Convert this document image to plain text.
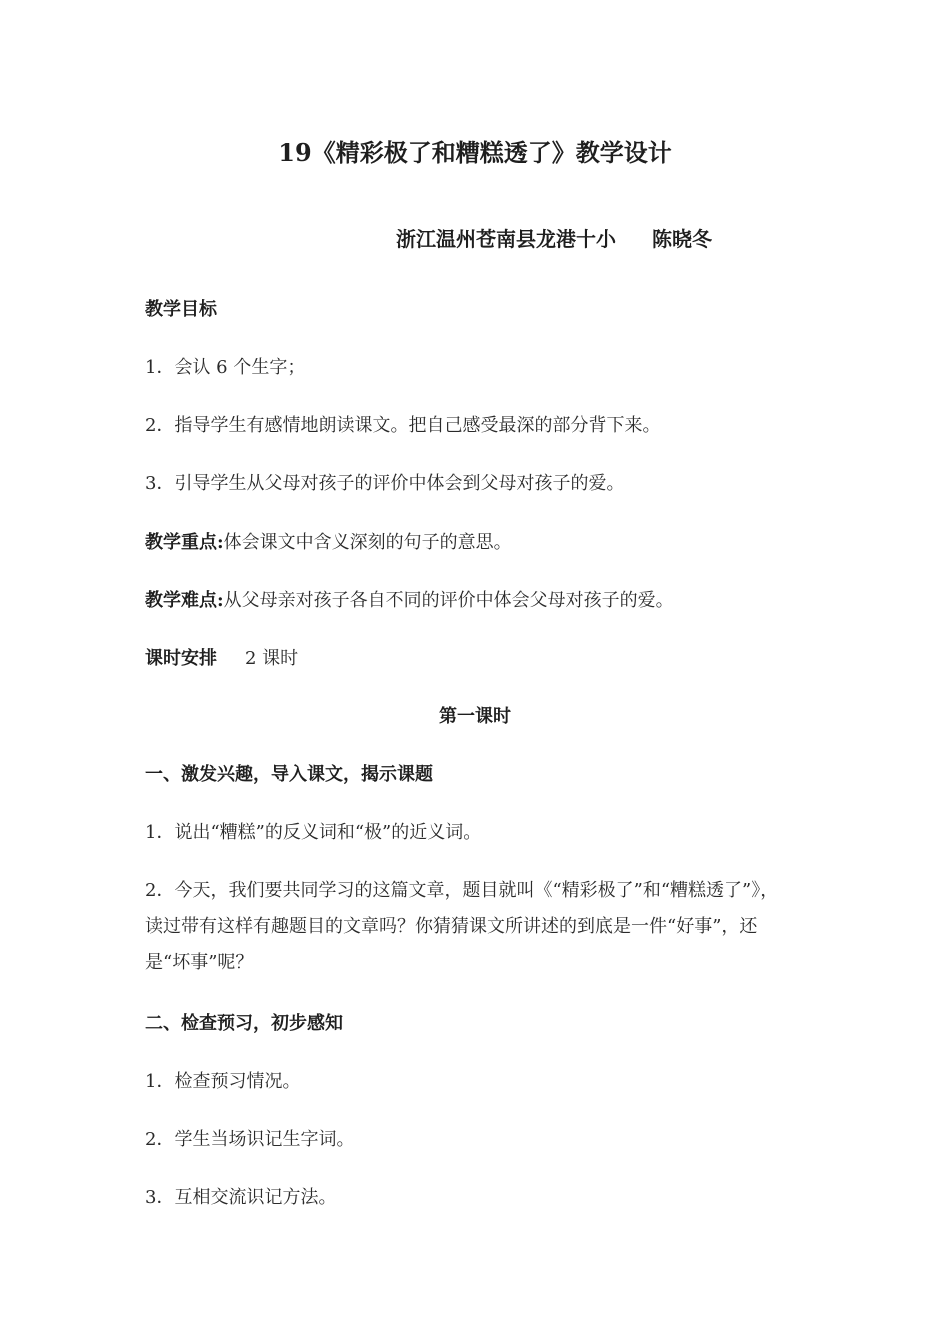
19《精彩极了和糟糕透了》教学设计
浙江温州苍南县龙港十小 陈晓冬
教学目标
1．会认 6 个生字；
2．指导学生有感情地朗读课文。把自己感受最深的部分背下来。
3．引导学生从父母对孩子的评价中体会到父母对孩子的爱。
教学重点:体会课文中含义深刻的句子的意思。
教学难点:从父母亲对孩子各自不同的评价中体会父母对孩子的爱。
课时安排 2 课时
第一课时
一、激发兴趣，导入课文，揭示课题
1．说出“糟糕”的反义词和“极”的近义词。
2．今天，我们要共同学习的这篇文章，题目就叫《“精彩极了”和“糟糕透了”》，读过带有这样有趣题目的文章吗？你猜猜课文所讲述的到底是一件“好事”，还是“坏事”呢？
二、检查预习，初步感知
1．检查预习情况。
2．学生当场识记生字词。
3．互相交流识记方法。
